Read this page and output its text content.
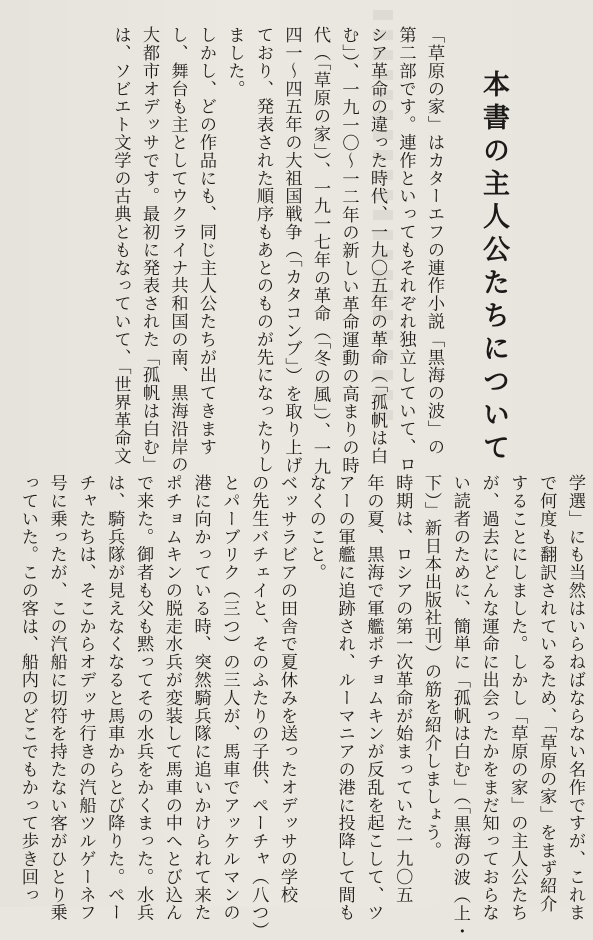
「草原の家」はカターエフの連作小説「黒海の波」の
第二部です。連作といってもそれぞれ独立していて、ロ
シア革命の違った時代、一九〇五年の革命（「孤帆は白
む」）、一九一〇〜一二年の新しい革命運動の高まりの時
代（「草原の家」）、一九一七年の革命（「冬の風」）、一九
四一〜四五年の大祖国戦争（「カタコンブ」）を取り上げ
ており、発表された順序もあとのものが先になったりし
ました。
しかし、どの作品にも、同じ主人公たちが出てきます
し、舞台も主としてウクライナ共和国の南、黒海沿岸の
大都市オデッサです。最初に発表された「孤帆は白む」
は、ソビエト文学の古典ともなっていて、「世界革命文	本書の主人公たちについて
学選」にも当然はいらねばならない名作ですが、これま
で何度も翻訳されているため、「草原の家」をまず紹介
することにしました。しかし「草原の家」の主人公たち
が、過去にどんな運命に出会ったかをまだ知っておらな
い読者のために、簡単に「孤帆は白む」（「黒海の波（上・
下）」新日本出版社刊）の筋を紹介しましょう。
時期は、ロシアの第一次革命が始まっていた一九〇五
年の夏、黒海で軍艦ポチョムキンが反乱を起こして、ツ
アーの軍艦に追跡され、ルーマニアの港に投降して間も
なくのこと。
ベッサラビアの田舎で夏休みを送ったオデッサの学校
の先生バチェイと、そのふたりの子供、ペーチャ（八つ）
とパーブリク（三つ）の三人が、馬車でアッケルマンの
港に向かっている時、突然騎兵隊に追いかけられて来た
ポチョムキンの脱走水兵が変装して馬車の中へとび込ん
で来た。御者も父も黙ってその水兵をかくまった。水兵
は、騎兵隊が見えなくなると馬車からとび降りた。ペー
チャたちは、そこからオデッサ行きの汽船ツルゲーネフ
号に乗ったが、この汽船に切符を持たない客がひとり乗
っていた。この客は、船内のどこでもかって歩き回っ
